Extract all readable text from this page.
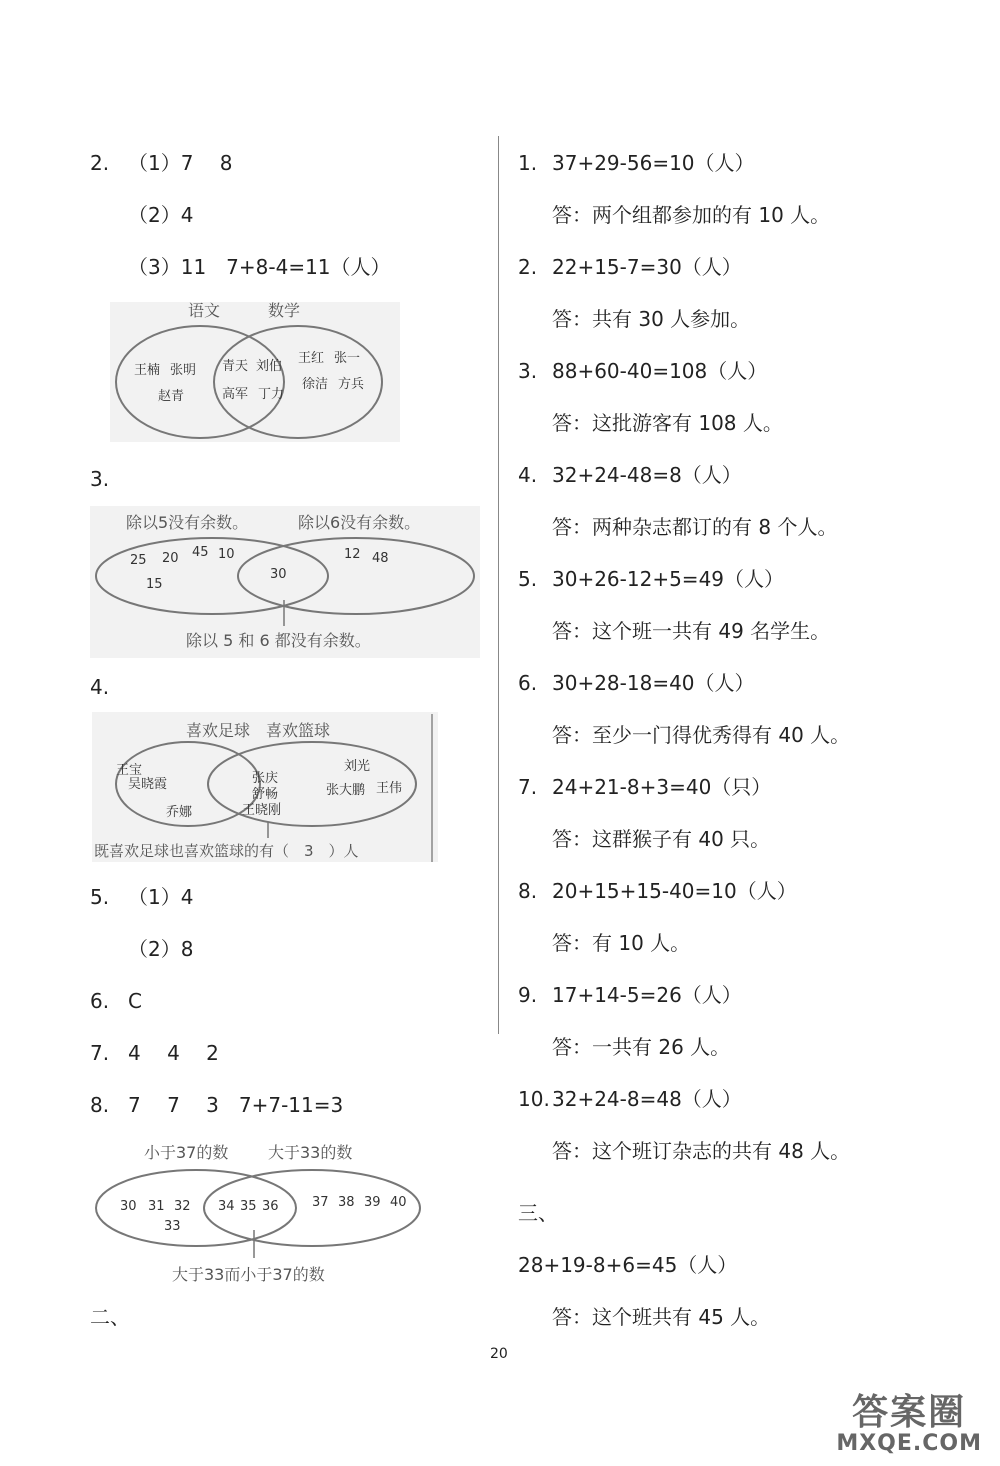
2. （1）7　 8
（2）4
（3）11　7+8-4=11（人）
语文	数学
王楠 张明
赵青
青天 刘伯
高军 丁力
王红 张一
徐洁 方兵
3.
除以5没有余数。	除以6没有余数。
25 20 45 10
15
30
12 48
除以 5 和 6 都没有余数。
4.
喜欢足球　喜欢篮球
王宝
吴晓霞
乔娜
张庆
舒畅
王晓刚
刘光
张大鹏 王伟
既喜欢足球也喜欢篮球的有（　3　）人
5. （1）4
（2）8
6. C
7. 4　 4　 2
8. 7　 7　 3　7+7-11=3
小于37的数 大于33的数
30 31 32
33
34 35 36	37 38 39 40
大于33而小于37的数
二、
1. 37+29-56=10（人）
答：两个组都参加的有 10 人。
2. 22+15-7=30（人）
答：共有 30 人参加。
3. 88+60-40=108（人）
答：这批游客有 108 人。
4. 32+24-48=8（人）
答：两种杂志都订的有 8 个人。
5. 30+26-12+5=49（人）
答：这个班一共有 49 名学生。
6. 30+28-18=40（人）
答：至少一门得优秀得有 40 人。
7. 24+21-8+3=40（只）
答：这群猴子有 40 只。
8. 20+15+15-40=10（人）
答：有 10 人。
9. 17+14-5=26（人）
答：一共有 26 人。
10. 32+24-8=48（人）
答：这个班订杂志的共有 48 人。
三、
28+19-8+6=45（人）
答：这个班共有 45 人。
20
答案圈
MXQE.COM
